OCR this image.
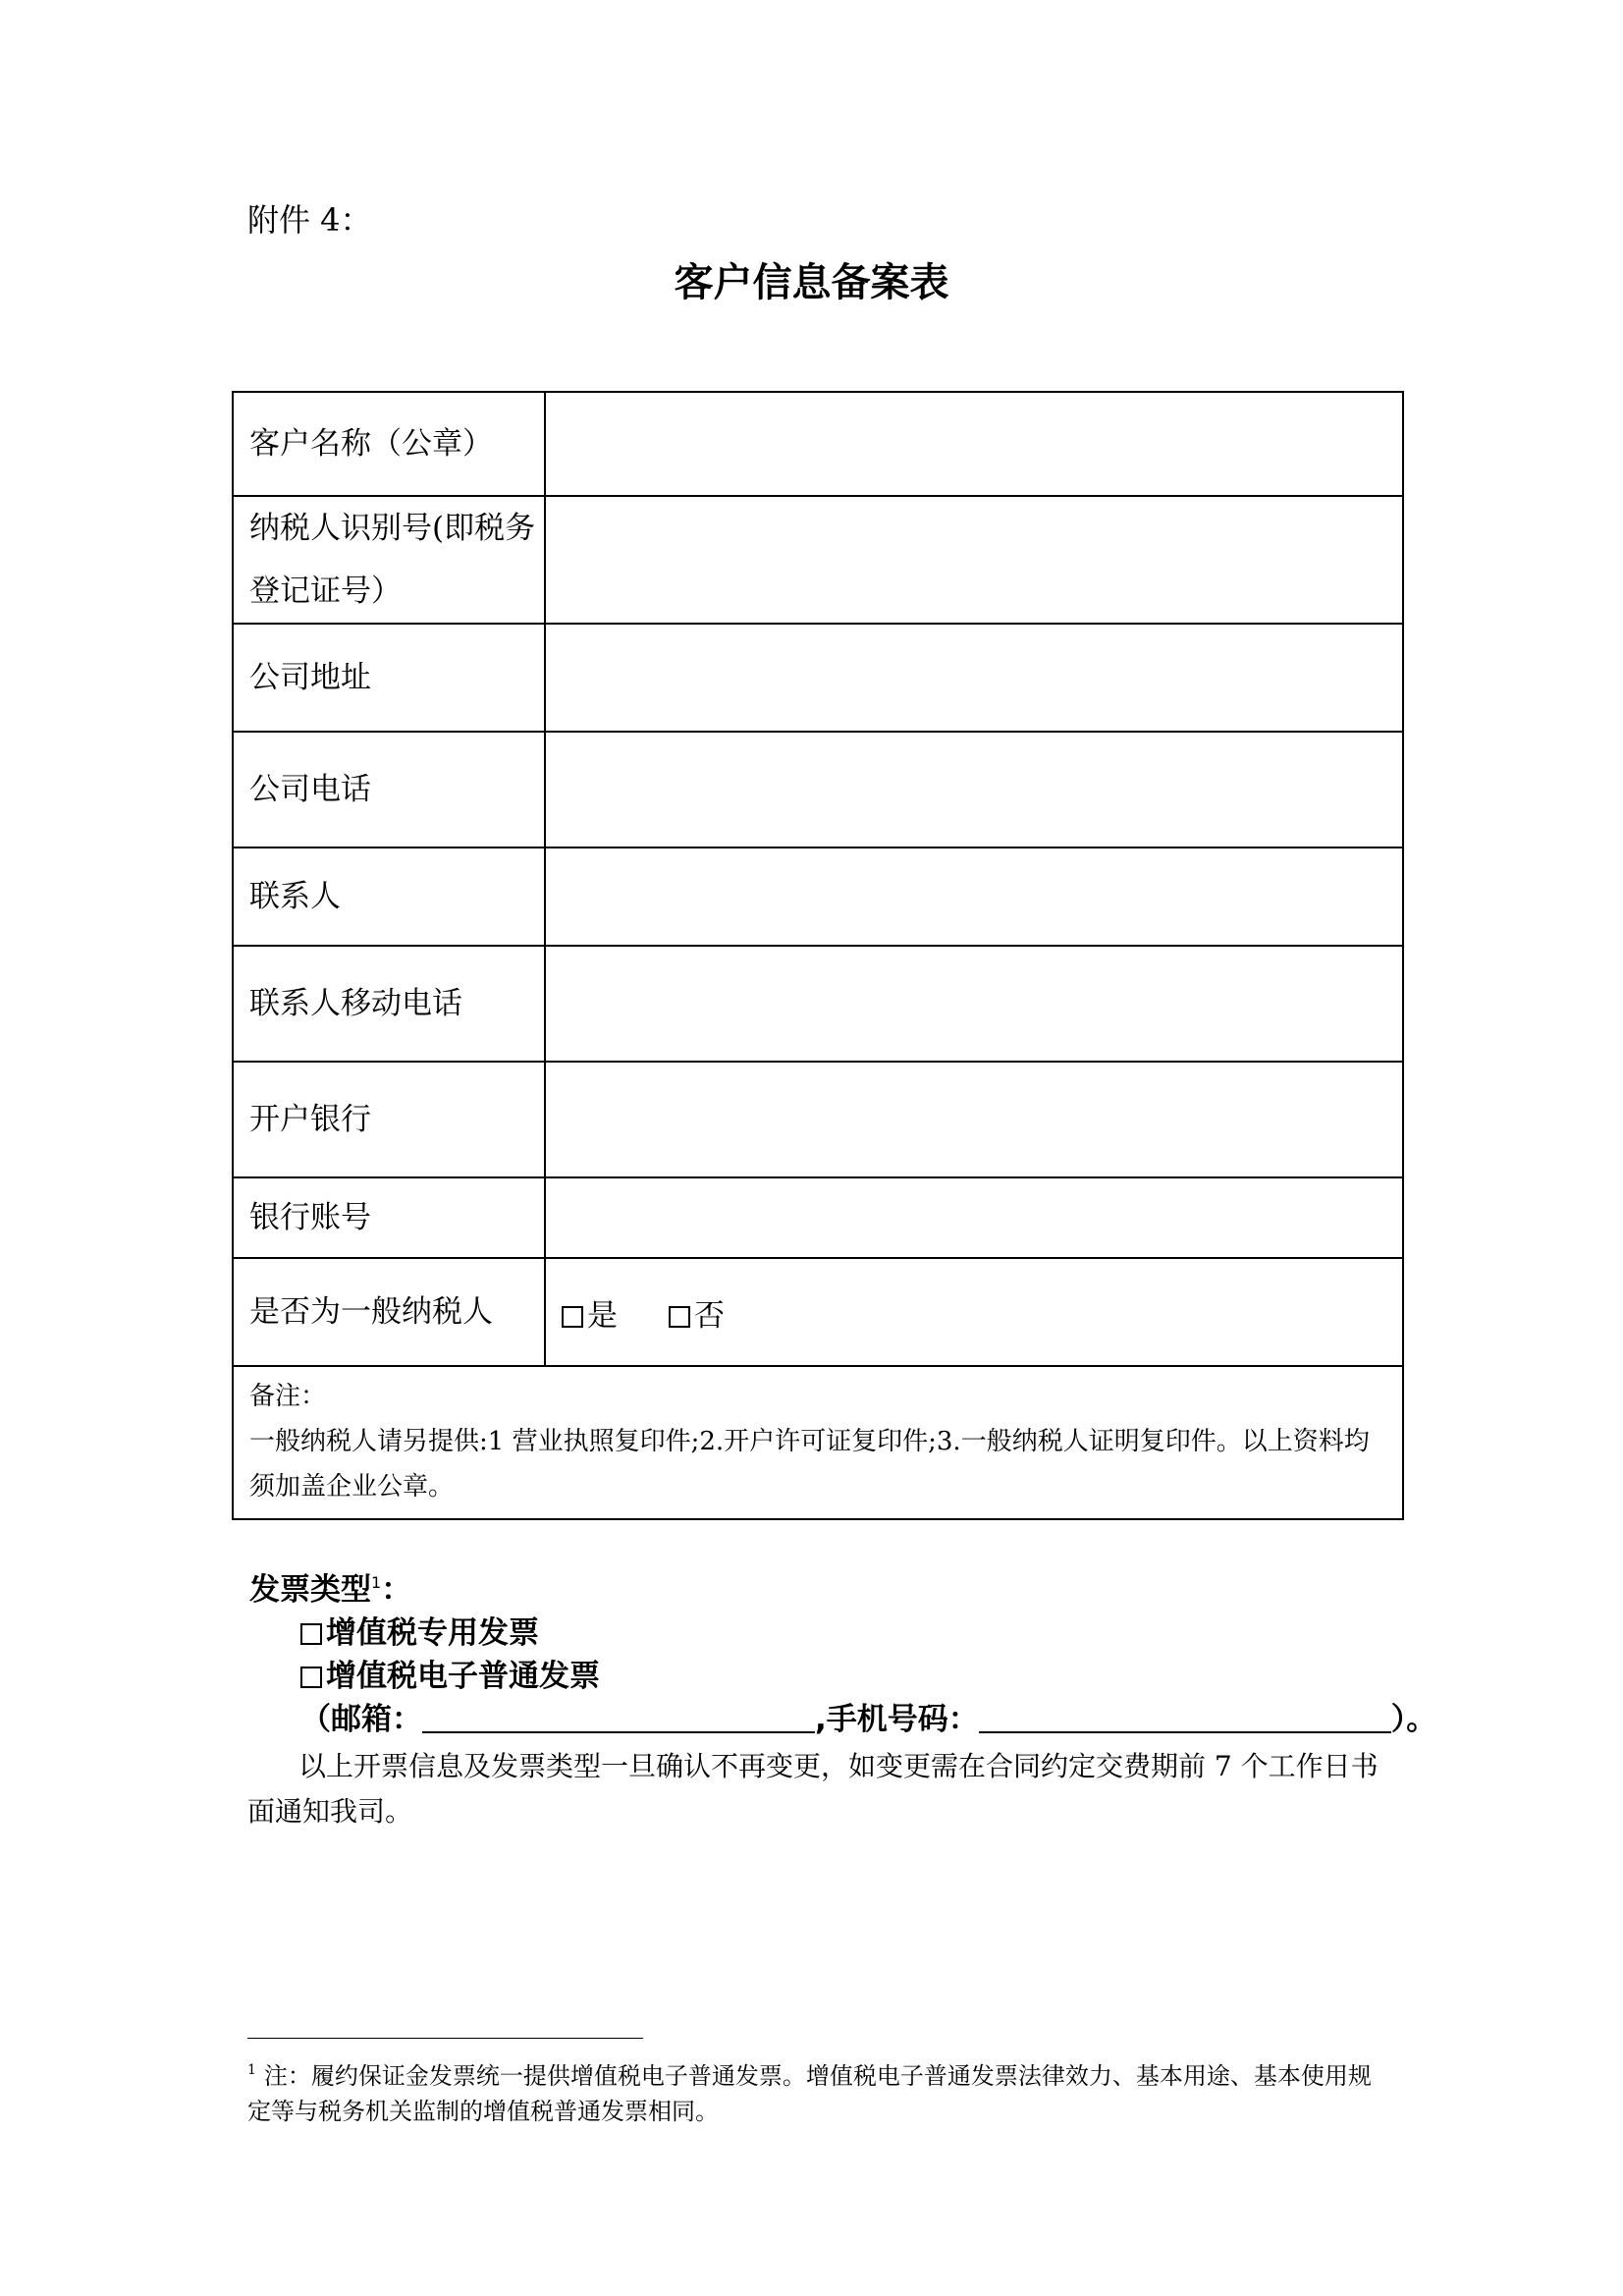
附件 4：
客户信息备案表
客户名称（公章）	
纳税人识别号(即税务登记证号）	
公司地址	
公司电话	
联系人	
联系人移动电话	
开户银行	
银行账号	
是否为一般纳税人	是 否

备注：
一般纳税人请另提供:1 营业执照复印件;2.开户许可证复印件;3.一般纳税人证明复印件。以上资料均须加盖企业公章。	
发票类型$^1$：
增值税专用发票
增值税电子普通发票
（邮箱：	,手机号码：	）。
以上开票信息及发票类型一旦确认不再变更，如变更需在合同约定交费期前 7 个工作日书面通知我司。
$^1$ 注：履约保证金发票统一提供增值税电子普通发票。增值税电子普通发票法律效力、基本用途、基本使用规定等与税务机关监制的增值税普通发票相同。
